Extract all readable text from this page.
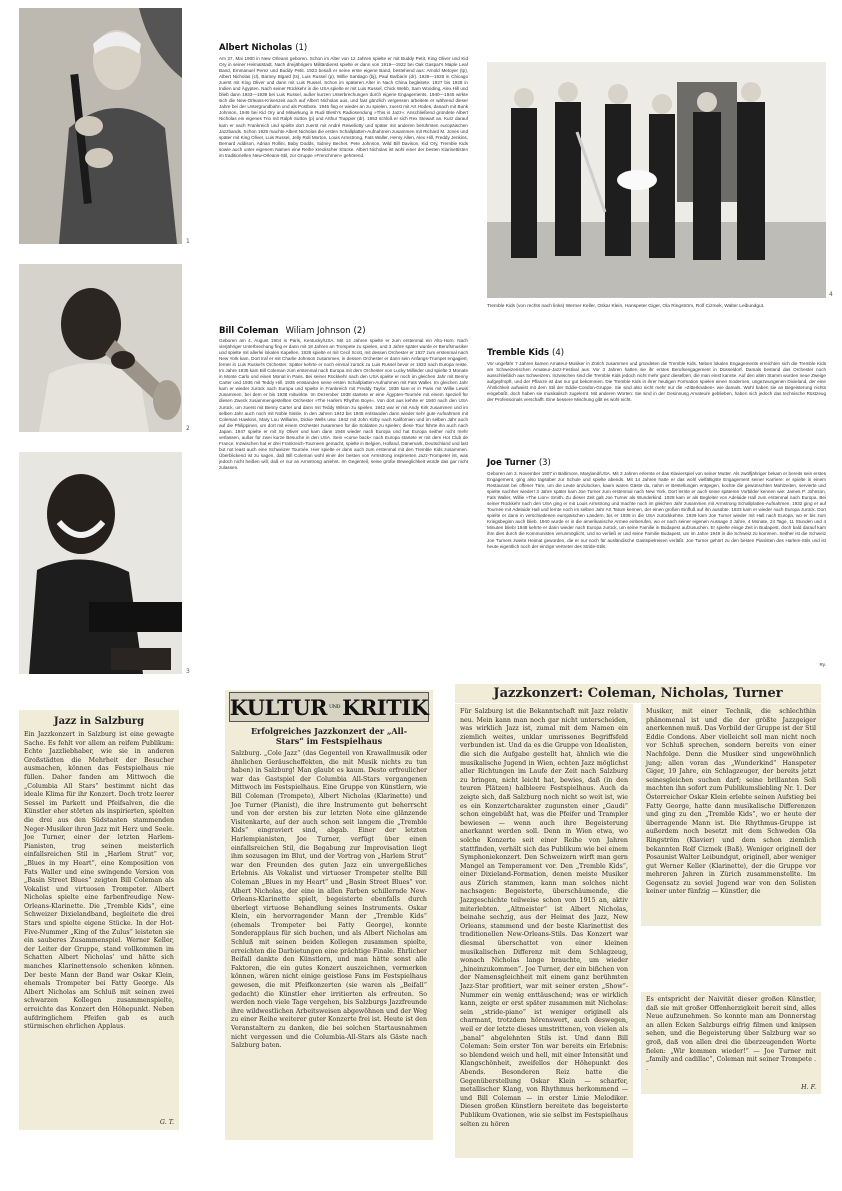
1
2
Albert Nicholas (1)
Am 27. Mai 1900 in New Orleans geboren. Schon im Alter von 12 Jahren spielte er mit Buddy Petit, King Oliver und Kid Ory in seiner Heimatstadt. Nach dreijährigem Militärdienst spielte er dann von 1919—1922 bei Oak Gaspar's Maple Leaf Band, Emmanuel Perez und Buddy Petit. 1923 besaß er seine erste eigene Band, bestehend aus: Arnold Metoyer (tp), Albert Nicholas (cl), Barney Bigard (ts), Luis Russel (p), Willie Santiago (bj), Paul Barbarin (dr). 1926—1928 in Chicago zuerst mit King Oliver und dann mit Luis Russel. Schon im späteren Alter in Nach China begleitete. 1927 bis 1928 in Indien und Ägypten. Nach seiner Rückkehr in die USA spielte er mit Luis Russel, Chick Webb, Sam Wooding, Alex Hill und blieb dann 1933—1939 bei Luis Russel, außer kurzen Unterbrechungen durch eigene Engagements. 1940—1945 wirkte sich die New-Orleans-Krisenzeit auch auf Albert Nicholas aus, und fast gänzlich vergessen arbeitete er während dieser Jahre bei der Untergrundbahn und als Postbote. 1945 fing er wieder an zu spielen, zuerst mit Art Hodes, danach mit Bunk Johnson, 1946 bei Kid Ory und Mitwirkung in Rudi Blesh's Radiosendung »This is Jazz«. Anschließend gründete Albert Nicholas ein eigenes Trio mit Ralph Sutton (p) und Arthur Trappier (dr). 1953 schloß er sich Rex Stewart an. Kurz darauf kam er nach Frankreich und spielte dort zuerst mit André Reweliotty und später mit anderen berühmten europäischen Jazzbands. Schon 1925 machte Albert Nicholas die ersten Schallplatten-Aufnahmen zusammen mit Richard M. Jones und später mit King Oliver, Luis Russel, Jelly Roll Morton, Louis Armstrong, Fats Waller, Henry Allen, Alex Hill, Freddy Jenkins, Bernard Addison, Adrian Rollini, Baby Dodds, Sidney Bechet, Pete Johnson, Wild Bill Davison, Kid Ory, Tremble Kids sowie auch unter eigenem Namen eine Reihe kreolischer Stücke. Albert Nicholas ist wohl einer der besten Klarinettisten im traditionellen New-Orleans-Stil, zur Gruppe »Frenchmen« gehörend.
Bill Coleman Wiliam Johnson (2)
Geboren am 4. August 1904 in Paris, Kentucky/USA. Mit 14 Jahren spielte er zum erstenmal ein Alto-Horn. Nach vierjähriger Unterbrechung fing er dann mit 18 Jahren an Trompete zu spielen, und 3 Jahre später wurde er Berufsmusiker und spielte mit allerlei lokalen Kapellen. 1926 spielte er mit Cecil Scott, mit dessen Orchester er 1927 zum erstenmal nach New York kam. Dort traf er mit Charlie Johnson zusammen, in dessen Orchester er dann sein Anfangs-Trumpet engagiert, ferner in Luis Russel's Orchester. Später kehrte er noch einmal zurück zu Luis Russel bevor er 1933 nach Europa reiste. Im Jahre 1935 kam Bill Coleman zum erstenmal nach Europa mit dem Orchester von Lucky Millinder und spielte 3 Monate in Monte Carlo und einen Monat in Paris. Bei seiner Rückkehr nach den USA spielte er noch im gleichen Jahr mit Benny Carter und 1936 mit Teddy Hill. 1935 entstanden seine ersten Schallplatten-Aufnahmen mit Fats Waller. Im gleichen Jahr kam er wieder zurück nach Europa und spielte in Frankreich mit Freddy Taylor. 1936 kam er in Paris mit Willie Lewis zusammen, bei dem er bis 1938 mitwirkte. Im Dezember 1938 startete er eine Ägypten-Tournée mit einem speziell für diesen Zweck zusammengestellten Orchester »The Harlem Rhythm Boys«. Von dort aus kehrte er 1940 nach den USA zurück, um zuerst mit Benny Carter und dann mit Teddy Wilson zu spielen. 1942 war er mit Andy Kirk zusammen und im selben Jahr auch noch mit Noble Sissle. In den Jahren 1942 bis 1945 entstanden dann wieder sehr gute Aufnahmen mit Coleman Hawkins, Mary Lou Williams, Dickie Wells usw. 1942 mit John Kirby nach Kalifornien und im selben Jahr auch auf die Philippinen, um dort mit einem Orchester zusammen für die Soldaten zu spielen; diese Tour führte ihn auch nach Japan. 1947 spielte er mit Sy Oliver und kam dann 1948 wieder nach Europa und hat Europa seither nicht mehr verlassen, außer für zwei kurze Besuche in den USA. Sein »come back« nach Europa startete er mit dem Hot Club de France. Inzwischen hat er drei Frankreich-Tourneen gemacht, spielte in Belgien, Holland, Dänemark, Deutschland und last but not least auch eine Schweizer Tournée. Hier spielte er dann auch zum erstenmal mit den Tremble Kids zusammen. Überblickend ist zu sagen, daß Bill Coleman wohl einer der besten von Armstrong inspirierten Jazz-Trompeter ist, was jedoch nicht heißen will, daß er nur an Armstrong anlehnt. Im Gegenteil, seine große Beweglichkeit würde das gar nicht zulassen.
4
Tremble Kids (von rechts nach links) Werner Keller, Oskar Klein, Hanspeter Giger, Ola Ringström, Rolf Cizmek, Walter Leibundgut.
Tremble Kids (4)
Vor ungefähr 7 Jahren kamen Amateur-Musiker in Zürich zusammen und gründeten die Tremble Kids. Neben lokalen Engagements erreichten sich die Tremble Kids am Schweizerischen Amateur-Jazz-Festival aus. Vor 3 Jahren hatten sie ihr erstes Berufsengagement in Düsseldorf. Damals bestand das Orchester noch ausschließlich aus Schweizern. Inzwischen sind die Tremble Kids jedoch nicht mehr ganz dieselben, die man einst kannte. Auf den alten Stamm wurden neue Zweige aufgepfropft, und der Pflanze ist das nur gut bekommen. Die Tremble Kids in ihrer heutigen Formation spielen einen modernen, ungezwungenen Dixieland, der eine Ähnlichkeit aufweist mit dem Stil der Eddie-Condon-Gruppe. Sie sind also nicht mehr nur die »Zitterknaben« wie damals. Wohl haben sie an Begeisterung nichts eingebüßt, doch haben sie musikalisch zugelernt. Mit anderen Worten: Sie sind in der Gesinnung Amateure geblieben, haben sich jedoch das technische Rüstzeug der Professionals verschafft. Eine bessere Mischung gibt es wohl nicht.
Joe Turner (3)
Geboren am 3. November 1907 in Baltimore, Maryland/USA. Mit 3 Jahren erlernte er das Klavierspiel von seiner Mutter. Als zwölfjähriger bekam er bereits sein erstes Engagement, ging also tagsüber zur Schule und spielte abends. Mit 14 Jahren hatte er das wohl vielfältigste Engagement seiner Karriere: er spielte in einem Restaurant bei offener Türe, um die Leute anzulocken, kaum waren Gäste da, nahm er Bestellungen entgegen, kochte die gewünschten Mahlzeiten, servierte und spielte nachher wieder! 3 Jahre später kam Joe Turner zum erstenmal nach New York. Dort lernte er auch seine späteren Vorbilder kennen wie: James P. Johnson, Fats Waller, Willie »The Lion« Smith. Zu dieser Zeit galt Joe Turner als Wunderkind. 1928 kam er als Begleiter von Adelaide Hall zum erstenmal nach Europa. Bei seiner Rückkehr nach den USA ging er mit Louis Armstrong und machte noch im gleichen Jahr zusammen mit Armstrong Schallplatten-Aufnahmen. 1932 ging er auf Tournée mit Adelaide Hall und lernte noch im selben Jahr Art Tatum kennen, der einen großen Einfluß auf ihn ausübte. 1933 kam er wieder nach Europa zurück. Dort spielte er dann in verschiedenen europäischen Ländern, bis er 1936 in die USA zurückkehrte. 1939 kam Joe Turner wieder mit Hall nach Europa, wo er bis zum Kriegsbeginn auch blieb. 1940 wurde er in die amerikanische Armee einberufen, wo er nach seiner eigenen Aussage 3 Jahre, 4 Monate, 24 Tage, 11 Stunden und 4 Minuten blieb! 1948 kehrte er dann wieder nach Europa zurück, um seine Familie in Budapest aufzusuchen. Er spielte einige Zeit in Budapest, doch bald darauf kam ihm dies durch die Kommunisten verunmöglicht, und so verließ er und seine Familie Budapest, um im Jahre 1949 in die Schweiz zu kommen. Seither ist die Schweiz Joe Turners zweite Heimat geworden, die er nur noch für ausländische Gastspielreisen verläßt. Joe Turner gehört zu den besten Pianisten des Harlem-Stils und ist heute eigentlich noch der einzige Vertreter des Stride-Stils.
Ry.
3
Jazz in Salzburg
Ein Jazzkonzert in Salzburg ist eine gewagte Sache. Es fehlt vor allem an reifem Publikum: Echte Jazzliebhaber, wie sie in anderen Großstädten die Mehrheit der Besucher ausmachen, können das Festspielhaus nie füllen. Daher fanden am Mittwoch die „Columbia All Stars“ bestimmt nicht das ideale Klima für ihr Konzert. Doch trotz leerer Sessel im Parkett und Pfeifsalven, die die Künstler eher störten als inspirierten, spielten die drei aus den Südstaaten stammenden Neger-Musiker ihren Jazz mit Herz und Seele. Joe Turner, einer der letzten Harlem-Pianisten, trug seinen meisterlich einfallsreichen Stil in „Harlem Strut“ vor, „Blues in my Heart“, eine Komposition von Fats Waller und eine swingende Version von „Basin Street Blues“ zeigten Bill Coleman als Vokalist und virtuosen Trompeter. Albert Nicholas spielte eine farbenfreudige New-Orleans-Klarinette. Die „Tremble Kids“, eine Schweizer Dixielandband, begleitete die drei Stars und spielte eigene Stücke. In der Hot-Five-Nummer „King of the Zulus“ leisteten sie ein sauberes Zusammenspiel. Werner Keller, der Leiter der Gruppe, stand vollkommen im Schatten Albert Nicholas' und hätte sich manches Klarinettensolo schenken können. Der beste Mann der Band war Oskar Klein, ehemals Trompeter bei Fatty George. Als Albert Nicholas am Schluß mit seinen zwei schwarzen Kollegen zusammenspielte, erreichte das Konzert den Höhepunkt. Neben aufdringlichem Pfeifen gab es auch stürmischen ehrlichen Applaus.
G. T.
KULTUR UND KRITIK
Erfolgreiches Jazzkonzert der „All-Stars“ im Festspielhaus
Salzburg. „Cole Jazz“ (das Gegenteil von Krawallmusik oder ähnlichen Geräuscheffekten, die mit Musik nichts zu tun haben) in Salzburg! Man glaubt es kaum. Desto erfreulicher war das Gastspiel der Columbia All-Stars vergangenen Mittwoch im Festspielhaus. Eine Gruppe von Künstlern, wie Bill Coleman (Trompete), Albert Nicholas (Klarinette) und Joe Turner (Pianist), die ihre Instrumente gut beherrscht und von der ersten bis zur letzten Note eine glänzende Visitenkarte, auf der auch schon seit langem die „Tremble Kids“ eingraviert sind, abgab. Einer der letzten Harlempianisten, Joe Turner, verfügt über einen einfallsreichen Stil, die Begabung zur Improvisation liegt ihm sozusagen im Blut, und der Vortrag von „Harlem Strut“ war den Freunden des guten Jazz ein unvergeßliches Erlebnis. Als Vokalist und virtuoser Trompeter stellte Bill Coleman „Blues in my Heart“ und „Basin Street Blues“ vor. Albert Nicholas, der eine in allen Farben schillernde New-Orleans-Klarinette spielt, begeisterte ebenfalls durch überlegt virtuose Behandlung seines Instruments. Oskar Klein, ein hervorragender Mann der „Tremble Kids“ (ehemals Trompeter bei Fatty George), konnte Sonderapplaus für sich buchen, und als Albert Nicholas am Schluß mit seinen beiden Kollegen zusammen spielte, erreichten die Darbietungen eine prächtige Finale. Ehrlicher Beifall dankte den Künstlern, und man hätte sonst alle Faktoren, die ein gutes Konzert auszeichnen, vermerken können, wären nicht einige geistlose Fans im Festspielhaus gewesen, die mit Pfeifkonzerten (sie waren als „Beifall“ gedacht) die Künstler eher irritierten als erfreuten. So werden noch viele Tage vergehen, bis Salzburgs Jazzfreunde ihre wildwestlichen Arbeitsweisen abgewöhnen und der Weg zu einer Reihe weiterer guter Konzerte frei ist. Heute ist den Veranstaltern zu danken, die bei solchen Startausnahmen nicht vergessen und die Columbia-All-Stars als Gäste nach Salzburg baten.
Jazzkonzert: Coleman, Nicholas, Turner
Für Salzburg ist die Bekanntschaft mit Jazz relativ neu. Mein kann man noch gar nicht unterscheiden, was wirklich Jazz ist, zumal mit dem Namen ein ziemlich weites, unklar umrissenes Begriffsfeld verbunden ist. Und da es die Gruppe von Idealisten, die sich die Aufgabe gestellt hat, ähnlich wie die musikalische Jugend in Wien, echten Jazz möglichst aller Richtungen im Laufe der Zeit nach Salzburg zu bringen, nicht leicht hat, bewies, daß (in den teuren Plätzen) halbleere Festspielhaus. Auch da zeigte sich, daß Salzburg noch nicht so weit ist, wie es ein Konzertcharakter zugunsten einer „Gaudi“ schon eingebüßt hat, was die Pfeifer und Trampler bewiesen — wenn auch ihre Begeisterung anerkannt werden soll. Denn in Wien etwa, wo solche Konzerte seit einer Reihe von Jahren stattfinden, verhält sich das Publikum wie bei einem Symphoniekonzert. Den Schweizern wirft man gern Mangel an Temperament vor. Den „Tremble Kids“, einer Dixieland-Formation, denen meiste Musiker aus Zürich stammen, kann man solches nicht nachsagen: Begeisterte, überschäumende, die Jazzgeschichte teilweise schon von 1915 an, aktiv miterlebten. „Altmeister“ ist Albert Nicholas, beinahe sechzig, aus der Heimat des Jazz, New Orleans, stammend und der beste Klarinettist des traditionellen New-Orleans-Stils. Das Konzert war diesmal überschattet von einer kleinen musikalischen Differenz mit dem Schlagzeug, wonach Nicholas lange brauchte, um wieder „hineinzukommen“. Joe Turner, der ein bißchen von der Namensgleichheit mit einem ganz berühmten Jazz-Star profitiert, war mit seiner ersten „Show“-Nummer ein wenig enttäuschend; was er wirklich kann, zeigte er erst später zusammen mit Nicholas: sein „stride-piano“ ist weniger originell als charmant, trotzdem hörenswert, auch deswegen, weil er der letzte dieses umstrittenen, von vielen als „banal“ abgelehnten Stils ist. Und dann Bill Coleman: Sein erster Ton war bereits ein Erlebnis: so blendend weich und hell, mit einer Intensität und Klangschönheit, zweifellos der Höhepunkt des Abends. Besonderen Reiz hatte die Gegenüberstellung Oskar Klein — scharfer, metallischer Klang, von Rhythmus herkommend — und Bill Coleman — in erster Linie Melodiker. Diesen großen Künstlern bereitete das begeisterte Publikum Ovationen, wie sie selbst im Festspielhaus selten zu hören
Musiker, mit einer Technik, die schlechthin phänomenal ist und die der größte Jazzgeiger anerkennen muß. Das Vorbild der Gruppe ist der Stil Eddie Condons. Aber vielleicht soll man nicht noch vor Schluß sprechen, sondern bereits von einer Nachfolge. Denn die Musiker sind ungewöhnlich jung; allen voran das „Wunderkind“ Hanspeter Giger, 19 Jahre, ein Schlagzeuger, der bereits jetzt seinesgleichen suchen darf; seine brillanten Soli machten ihn sofort zum Publikumsliebling Nr. 1. Der Österreicher Oskar Klein erlebte seinen Aufstieg bei Fatty George, hatte dann musikalische Differenzen und ging zu den „Tremble Kids“, wo er heute der überragende Mann ist. Die Rhythmus-Gruppe ist außerdem noch besetzt mit dem Schweden Ola Ringström (Klavier) und dem schon ziemlich bekannten Rolf Cizmek (Baß). Weniger originell der Posaunist Walter Leibundgut, originell, aber weniger gut Werner Keller (Klarinette), der die Gruppe vor mehreren Jahren in Zürich zusammenstellte. Im Gegensatz zu soviel Jugend war von den Solisten keiner unter fünfzig — Künstler, die
Es entspricht der Naivität dieser großen Künstler, daß sie mit großer Offenherzigkeit bereit sind, alles Neue aufzunehmen. So konnte man am Donnerstag an allen Ecken Salzburgs eifrig filmen und knipsen sehen, und die Begeisterung über Salzburg war so groß, daß von allen drei die überzeugenden Worte fielen: „Wir kommen wieder!“ — Joe Turner mit „family and cadillac“, Coleman mit seiner Trompete . .
H. F.
